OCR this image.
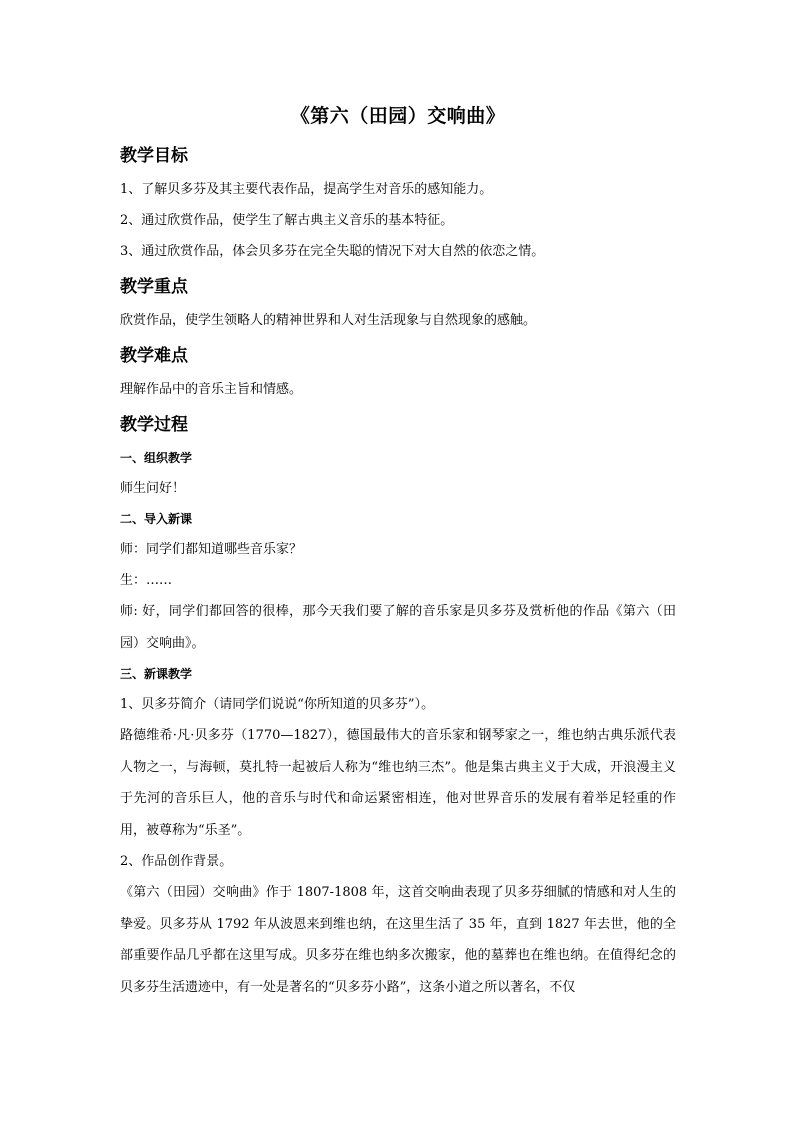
《第六（田园）交响曲》
教学目标

1、了解贝多芬及其主要代表作品，提高学生对音乐的感知能力。

2、通过欣赏作品，使学生了解古典主义音乐的基本特征。

3、通过欣赏作品，体会贝多芬在完全失聪的情况下对大自然的依恋之情。

教学重点

欣赏作品，使学生领略人的精神世界和人对生活现象与自然现象的感触。

教学难点

理解作品中的音乐主旨和情感。

教学过程
一、组织教学

师生问好！

二、导入新课

师：同学们都知道哪些音乐家？

生：……

师: 好，同学们都回答的很棒，那今天我们要了解的音乐家是贝多芬及赏析他的作品《第六（田园）交响曲》。

三、新课教学

1、贝多芬简介（请同学们说说“你所知道的贝多芬”）。

路德维希·凡·贝多芬（1770—1827），德国最伟大的音乐家和钢琴家之一，维也纳古典乐派代表人物之一，与海顿，莫扎特一起被后人称为“维也纳三杰”。他是集古典主义于大成，开浪漫主义于先河的音乐巨人，他的音乐与时代和命运紧密相连，他对世界音乐的发展有着举足轻重的作用，被尊称为“乐圣”。

2、作品创作背景。

《第六（田园）交响曲》作于 1807-1808 年，这首交响曲表现了贝多芬细腻的情感和对人生的挚爱。贝多芬从 1792 年从波恩来到维也纳，在这里生活了 35 年，直到 1827 年去世，他的全部重要作品几乎都在这里写成。贝多芬在维也纳多次搬家，他的墓葬也在维也纳。在值得纪念的贝多芬生活遗迹中，有一处是著名的“贝多芬小路”，这条小道之所以著名，不仅
